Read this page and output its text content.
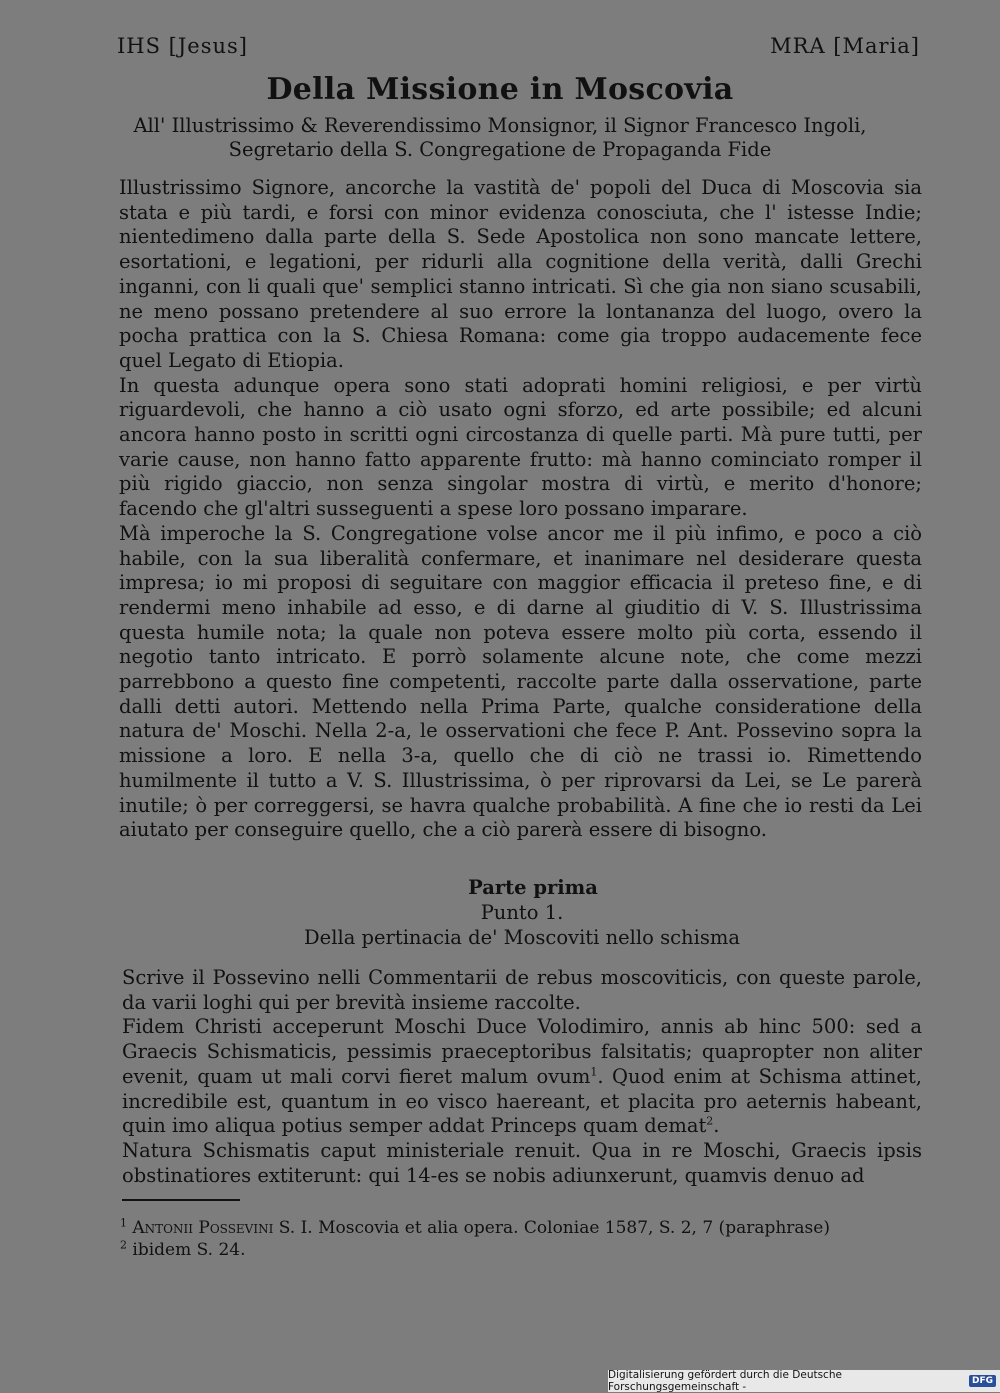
IHS [Jesus]	MRA [Maria]
Della Missione in Moscovia
All' Illustrissimo & Reverendissimo Monsignor, il Signor Francesco Ingoli,
Segretario della S. Congregatione de Propaganda Fide

Illustrissimo Signore, ancorche la vastità de' popoli del Duca di Moscovia sia stata e più tardi, e forsi con minor evidenza conosciuta, che l' istesse Indie; nientedimeno dalla parte della S. Sede Apostolica non sono mancate lettere, esortationi, e legationi, per ridurli alla cognitione della verità, dalli Grechi inganni, con li quali que' semplici stanno intricati. Sì che gia non siano scusabili, ne meno possano pretendere al suo errore la lontananza del luogo, overo la pocha prattica con la S. Chiesa Romana: come gia troppo audacemente fece quel Legato di Etiopia.

In questa adunque opera sono stati adoprati homini religiosi, e per virtù riguardevoli, che hanno a ciò usato ogni sforzo, ed arte possibile; ed alcuni ancora hanno posto in scritti ogni circostanza di quelle parti. Mà pure tutti, per varie cause, non hanno fatto apparente frutto: mà hanno cominciato romper il più rigido giaccio, non senza singolar mostra di virtù, e merito d'honore; facendo che gl'altri susseguenti a spese loro possano imparare.

Mà imperoche la S. Congregatione volse ancor me il più infimo, e poco a ciò habile, con la sua liberalità confermare, et inanimare nel desiderare questa impresa; io mi proposi di seguitare con maggior efficacia il preteso fine, e di rendermi meno inhabile ad esso, e di darne al giuditio di V. S. Illustrissima questa humile nota; la quale non poteva essere molto più corta, essendo il negotio tanto intricato. E porrò solamente alcune note, che come mezzi parrebbono a questo fine competenti, raccolte parte dalla osservatione, parte dalli detti autori. Mettendo nella Prima Parte, qualche consideratione della natura de' Moschi. Nella 2-a, le osservationi che fece P. Ant. Possevino sopra la missione a loro. E nella 3-a, quello che di ciò ne trassi io. Rimettendo humilmente il tutto a V. S. Illustrissima, ò per riprovarsi da Lei, se Le parerà inutile; ò per correggersi, se havra qualche probabilità. A fine che io resti da Lei aiutato per conseguire quello, che a ciò parerà essere di bisogno.

Parte prima
Punto 1.
Della pertinacia de' Moscoviti nello schisma

Scrive il Possevino nelli Commentarii de rebus moscoviticis, con queste parole, da varii loghi qui per brevità insieme raccolte.

Fidem Christi acceperunt Moschi Duce Volodimiro, annis ab hinc 500: sed a Graecis Schismaticis, pessimis praeceptoribus falsitatis; quapropter non aliter evenit, quam ut mali corvi fieret malum ovum$^1$. Quod enim at Schisma attinet, incredibile est, quantum in eo visco haereant, et placita pro aeternis habeant, quin imo aliqua potius semper addat Princeps quam demat$^2$.

Natura Schismatis caput ministeriale renuit. Qua in re Moschi, Graecis ipsis obstinatiores extiterunt: qui 14-es se nobis adiunxerunt, quamvis denuo ad

$^1$ Antonii Possevini S. I. Moscovia et alia opera. Coloniae 1587, S. 2, 7 (paraphrase)
$^2$ ibidem S. 24.
Digitalisierung gefördert durch die Deutsche Forschungsgemeinschaft -	DFG
